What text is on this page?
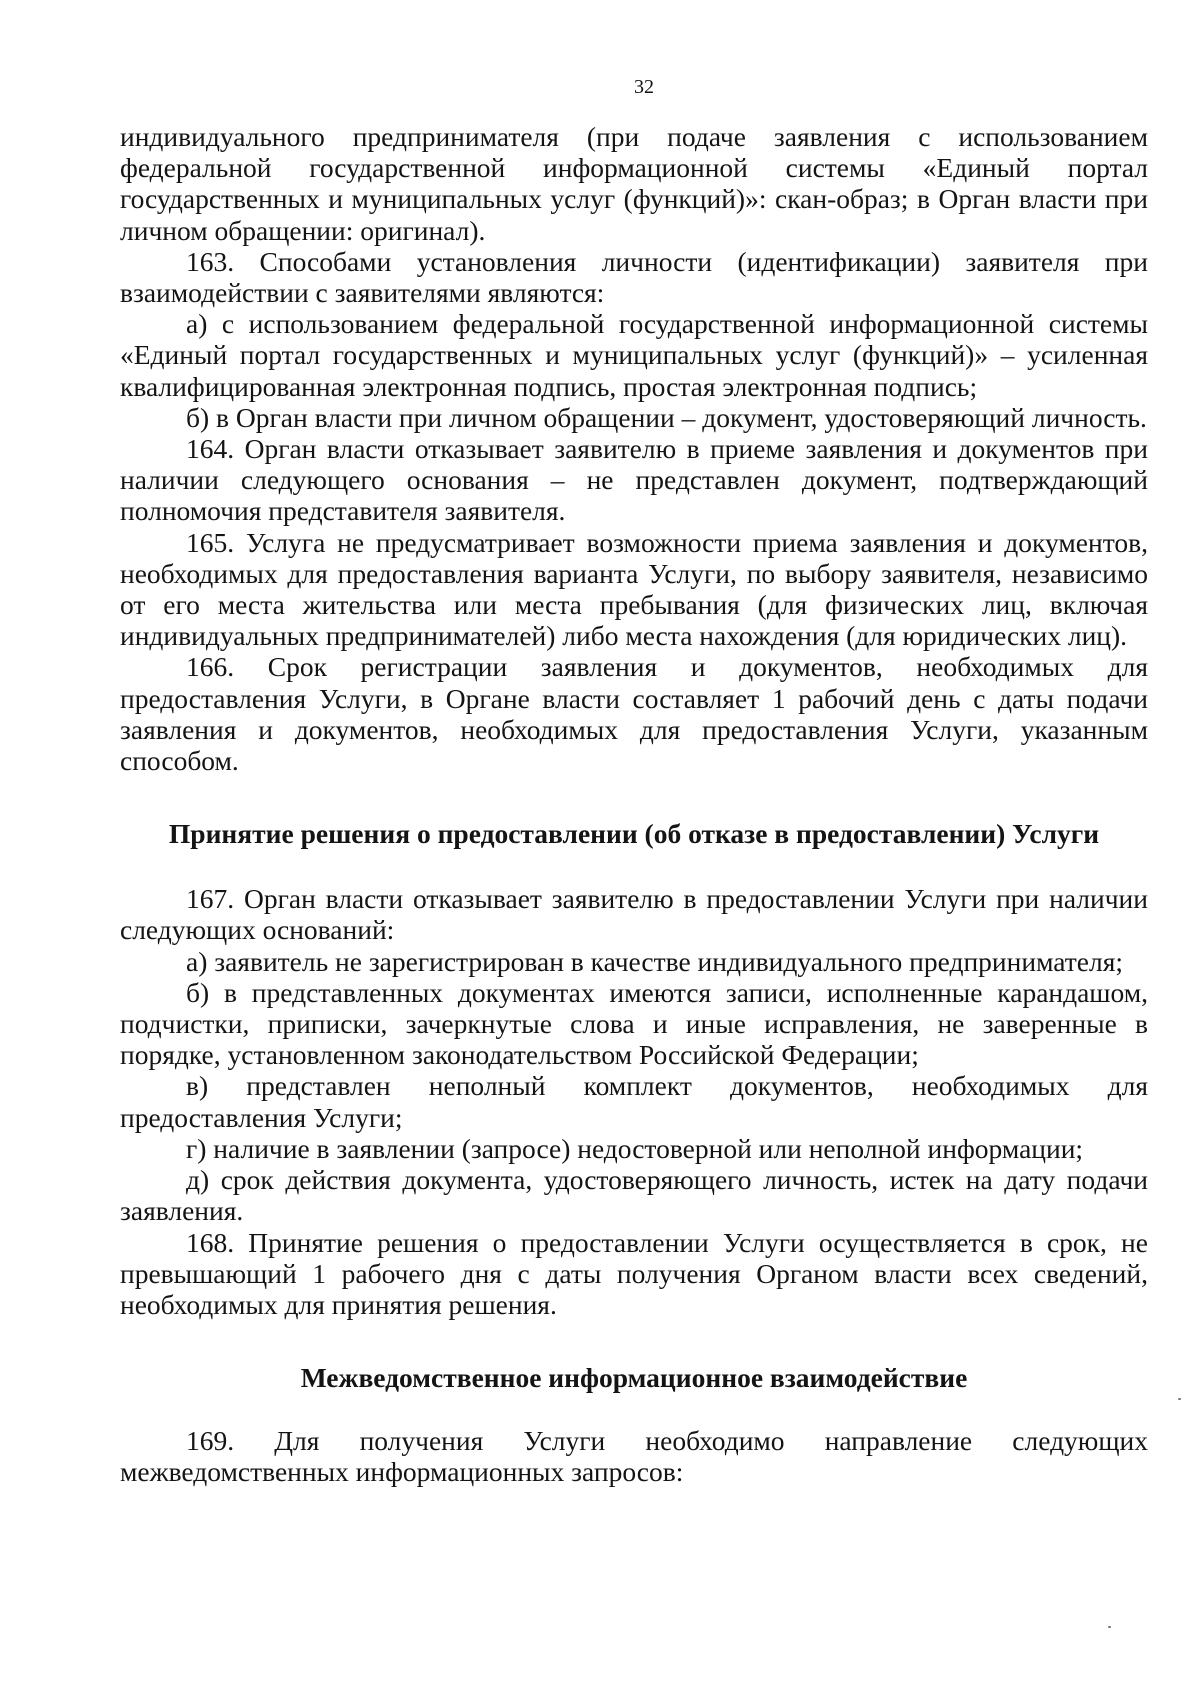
32

индивидуального предпринимателя (при подаче заявления с использованием федеральной государственной информационной системы «Единый портал государственных и муниципальных услуг (функций)»: скан-образ; в Орган власти при личном обращении: оригинал).

163. Способами установления личности (идентификации) заявителя при взаимодействии с заявителями являются:

а) с использованием федеральной государственной информационной системы «Единый портал государственных и муниципальных услуг (функций)» – усиленная квалифицированная электронная подпись, простая электронная подпись;

б) в Орган власти при личном обращении – документ, удостоверяющий личность.

164. Орган власти отказывает заявителю в приеме заявления и документов при наличии следующего основания – не представлен документ, подтверждающий полномочия представителя заявителя.

165. Услуга не предусматривает возможности приема заявления и документов, необходимых для предоставления варианта Услуги, по выбору заявителя, независимо от его места жительства или места пребывания (для физических лиц, включая индивидуальных предпринимателей) либо места нахождения (для юридических лиц).

166. Срок регистрации заявления и документов, необходимых для предоставления Услуги, в Органе власти составляет 1 рабочий день с даты подачи заявления и документов, необходимых для предоставления Услуги, указанным способом.

Принятие решения о предоставлении (об отказе в предоставлении) Услуги

167. Орган власти отказывает заявителю в предоставлении Услуги при наличии следующих оснований:

а) заявитель не зарегистрирован в качестве индивидуального предпринимателя;

б) в представленных документах имеются записи, исполненные карандашом, подчистки, приписки, зачеркнутые слова и иные исправления, не заверенные в порядке, установленном законодательством Российской Федерации;

в) представлен неполный комплект документов, необходимых для предоставления Услуги;

г) наличие в заявлении (запросе) недостоверной или неполной информации;

д) срок действия документа, удостоверяющего личность, истек на дату подачи заявления.

168. Принятие решения о предоставлении Услуги осуществляется в срок, не превышающий 1 рабочего дня с даты получения Органом власти всех сведений, необходимых для принятия решения.

Межведомственное информационное взаимодействие

169. Для получения Услуги необходимо направление следующих межведомственных информационных запросов:
